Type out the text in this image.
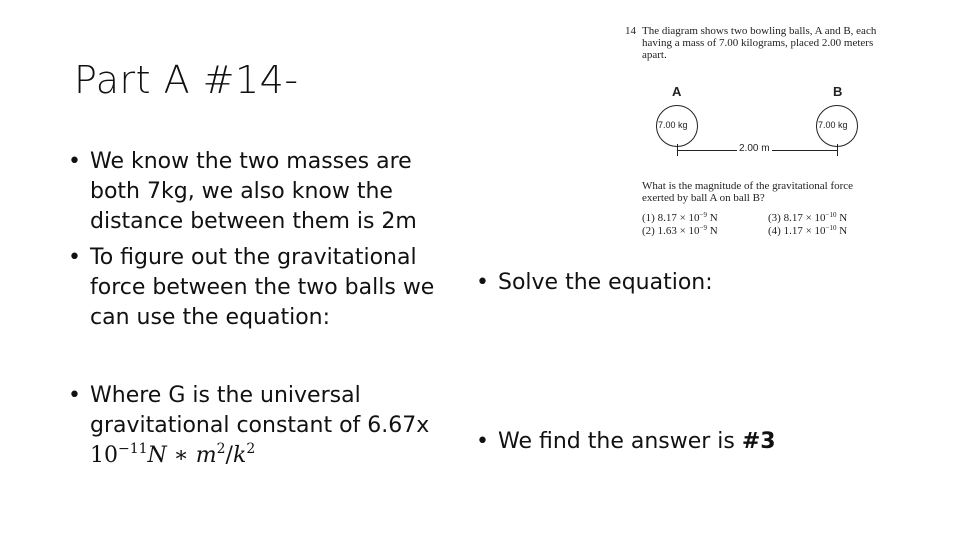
Part A #14-
• We know the two masses are both 7kg, we also know the distance between them is 2m
• To figure out the gravitational force between the two balls we can use the equation:
• Where G is the universal gravitational constant of 6.67x
$10^{-11}N$ ∗ $m^2/k^2$
• Solve the equation:
• We find the answer is #3
14 The diagram shows two bowling balls, A and B, each having a mass of 7.00 kilograms, placed 2.00 meters apart.
A	B
7.00 kg	7.00 kg
2.00 m
What is the magnitude of the gravitational force exerted by ball A on ball B?
(1) $8.17 \times 10^{-9}$ N
(2) $1.63 \times 10^{-9}$ N
(3) $8.17 \times 10^{-10}$ N
(4) $1.17 \times 10^{-10}$ N
